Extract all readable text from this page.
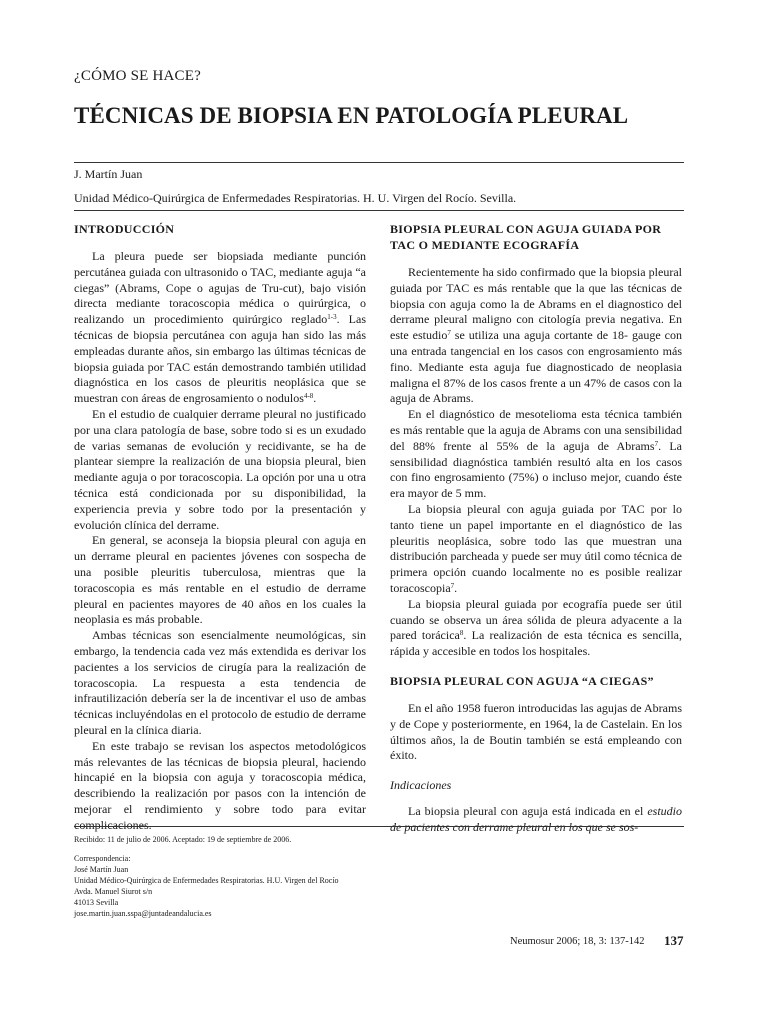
¿CÓMO SE HACE?
TÉCNICAS DE BIOPSIA EN PATOLOGÍA PLEURAL
J. Martín Juan
Unidad Médico-Quirúrgica de Enfermedades Respiratorias. H. U. Virgen del Rocío. Sevilla.
INTRODUCCIÓN

La pleura puede ser biopsiada mediante punción percutánea guiada con ultrasonido o TAC, mediante aguja “a ciegas” (Abrams, Cope o agujas de Tru-cut), bajo visión directa mediante toracoscopia médica o quirúrgica, o realizando un procedimiento quirúrgico reglado$^{1-3}$. Las técnicas de biopsia percutánea con aguja han sido las más empleadas durante años, sin embargo las últimas técnicas de biopsia guiada por TAC están demostrando también utilidad diagnóstica en los casos de pleuritis neoplásica que se muestran con áreas de engrosamiento o nodulos$^{4-8}$.

En el estudio de cualquier derrame pleural no justificado por una clara patología de base, sobre todo si es un exudado de varias semanas de evolución y recidivante, se ha de plantear siempre la realización de una biopsia pleural, bien mediante aguja o por toracoscopia. La opción por una u otra técnica está condicionada por su disponibilidad, la experiencia previa y sobre todo por la presentación y evolución clínica del derrame.

En general, se aconseja la biopsia pleural con aguja en un derrame pleural en pacientes jóvenes con sospecha de una posible pleuritis tuberculosa, mientras que la toracoscopia es más rentable en el estudio de derrame pleural en pacientes mayores de 40 años en los cuales la neoplasia es más probable.

Ambas técnicas son esencialmente neumológicas, sin embargo, la tendencia cada vez más extendida es derivar los pacientes a los servicios de cirugía para la realización de toracoscopia. La respuesta a esta tendencia de infrautilización debería ser la de incentivar el uso de ambas técnicas incluyéndolas en el protocolo de estudio de derrame pleural en la clínica diaria.

En este trabajo se revisan los aspectos metodológicos más relevantes de las técnicas de biopsia pleural, haciendo hincapié en la biopsia con aguja y toracoscopia médica, describiendo la realización por pasos con la intención de mejorar el rendimiento y sobre todo para evitar complicaciones.

BIOPSIA PLEURAL CON AGUJA GUIADA POR TAC O MEDIANTE ECOGRAFÍA

Recientemente ha sido confirmado que la biopsia pleural guiada por TAC es más rentable que la que las técnicas de biopsia con aguja como la de Abrams en el diagnostico del derrame pleural maligno con citología previa negativa. En este estudio$^7$ se utiliza una aguja cortante de 18- gauge con una entrada tangencial en los casos con engrosamiento más fino. Mediante esta aguja fue diagnosticado de neoplasia maligna el 87% de los casos frente a un 47% de casos con la aguja de Abrams.

En el diagnóstico de mesotelioma esta técnica también es más rentable que la aguja de Abrams con una sensibilidad del 88% frente al 55% de la aguja de Abrams$^7$. La sensibilidad diagnóstica también resultó alta en los casos con fino engrosamiento (75%) o incluso mejor, cuando éste era mayor de 5 mm.

La biopsia pleural con aguja guiada por TAC por lo tanto tiene un papel importante en el diagnóstico de las pleuritis neoplásica, sobre todo las que muestran una distribución parcheada y puede ser muy útil como técnica de primera opción cuando localmente no es posible realizar toracoscopia$^7$.

La biopsia pleural guiada por ecografía puede ser útil cuando se observa un área sólida de pleura adyacente a la pared torácica$^8$. La realización de esta técnica es sencilla, rápida y accesible en todos los hospitales.

BIOPSIA PLEURAL CON AGUJA “A CIEGAS”

En el año 1958 fueron introducidas las agujas de Abrams y de Cope y posteriormente, en 1964, la de Castelain. En los últimos años, la de Boutin también se está empleando con éxito.

Indicaciones

La biopsia pleural con aguja está indicada en el estudio de pacientes con derrame pleural en los que se sos-

Recibido: 11 de julio de 2006. Aceptado: 19 de septiembre de 2006.
Correspondencia:
José Martín Juan
Unidad Médico-Quirúrgica de Enfermedades Respiratorias. H.U. Virgen del Rocío
Avda. Manuel Siurot s/n
41013 Sevilla
jose.martin.juan.sspa@juntadeandalucia.es
Neumosur 2006; 18, 3: 137-142 137
